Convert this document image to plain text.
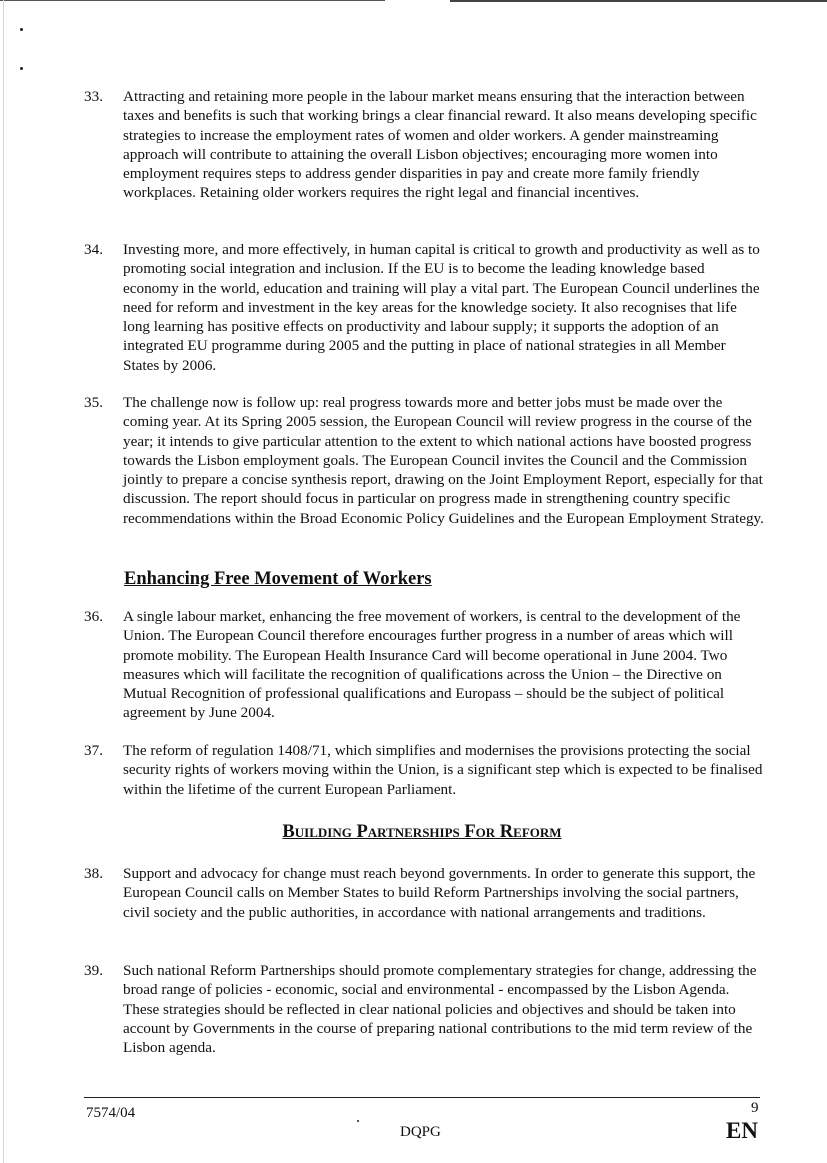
33. Attracting and retaining more people in the labour market means ensuring that the interaction between taxes and benefits is such that working brings a clear financial reward. It also means developing specific strategies to increase the employment rates of women and older workers. A gender mainstreaming approach will contribute to attaining the overall Lisbon objectives; encouraging more women into employment requires steps to address gender disparities in pay and create more family friendly workplaces. Retaining older workers requires the right legal and financial incentives.
34. Investing more, and more effectively, in human capital is critical to growth and productivity as well as to promoting social integration and inclusion. If the EU is to become the leading knowledge based economy in the world, education and training will play a vital part. The European Council underlines the need for reform and investment in the key areas for the knowledge society. It also recognises that life long learning has positive effects on productivity and labour supply; it supports the adoption of an integrated EU programme during 2005 and the putting in place of national strategies in all Member States by 2006.
35. The challenge now is follow up: real progress towards more and better jobs must be made over the coming year. At its Spring 2005 session, the European Council will review progress in the course of the year; it intends to give particular attention to the extent to which national actions have boosted progress towards the Lisbon employment goals. The European Council invites the Council and the Commission jointly to prepare a concise synthesis report, drawing on the Joint Employment Report, especially for that discussion. The report should focus in particular on progress made in strengthening country specific recommendations within the Broad Economic Policy Guidelines and the European Employment Strategy.
Enhancing Free Movement of Workers
36. A single labour market, enhancing the free movement of workers, is central to the development of the Union. The European Council therefore encourages further progress in a number of areas which will promote mobility. The European Health Insurance Card will become operational in June 2004. Two measures which will facilitate the recognition of qualifications across the Union – the Directive on Mutual Recognition of professional qualifications and Europass – should be the subject of political agreement by June 2004.
37. The reform of regulation 1408/71, which simplifies and modernises the provisions protecting the social security rights of workers moving within the Union, is a significant step which is expected to be finalised within the lifetime of the current European Parliament.
Building Partnerships For Reform
38. Support and advocacy for change must reach beyond governments. In order to generate this support, the European Council calls on Member States to build Reform Partnerships involving the social partners, civil society and the public authorities, in accordance with national arrangements and traditions.
39. Such national Reform Partnerships should promote complementary strategies for change, addressing the broad range of policies - economic, social and environmental - encompassed by the Lisbon Agenda. These strategies should be reflected in clear national policies and objectives and should be taken into account by Governments in the course of preparing national contributions to the mid term review of the Lisbon agenda.
7574/04
DQPG
9
EN
